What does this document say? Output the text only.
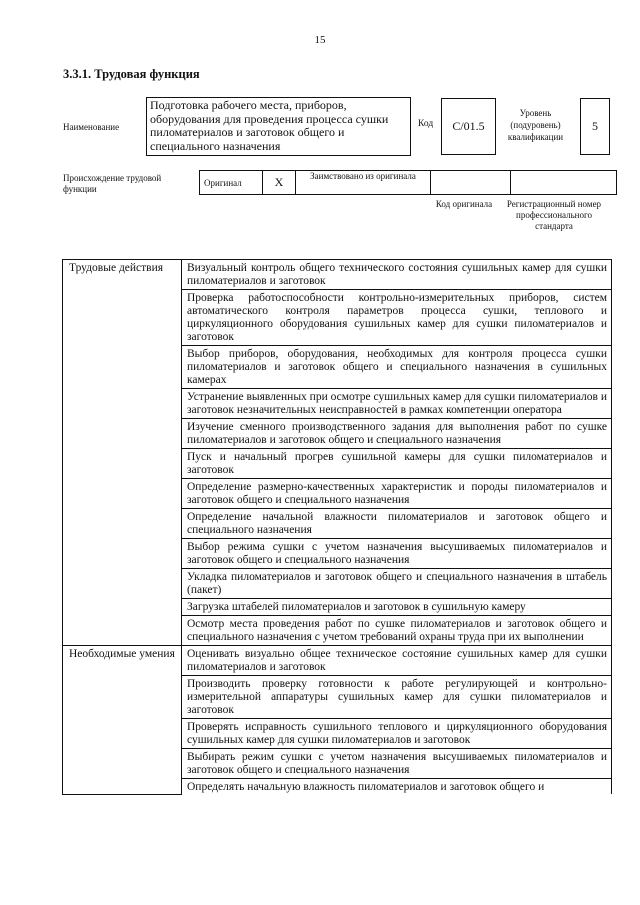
15
3.3.1. Трудовая функция
Наименование
Подготовка рабочего места, приборов, оборудования для проведения процесса сушки пиломатериалов и заготовок общего и специального назначения
Код	С/01.5
Уровень (подуровень) квалификации
5
Происхождение трудовой функции
Оригинал	X	Заимствовано из оригинала		
Код оригинала	Регистрационный номер профессионального стандарта
Трудовые действия	Визуальный контроль общего технического состояния сушильных камер для сушки пиломатериалов и заготовок
	Проверка работоспособности контрольно-измерительных приборов, систем автоматического контроля параметров процесса сушки, теплового и циркуляционного оборудования сушильных камер для сушки пиломатериалов и заготовок
	Выбор приборов, оборудования, необходимых для контроля процесса сушки пиломатериалов и заготовок общего и специального назначения в сушильных камерах
	Устранение выявленных при осмотре сушильных камер для сушки пиломатериалов и заготовок незначительных неисправностей в рамках компетенции оператора
	Изучение сменного производственного задания для выполнения работ по сушке пиломатериалов и заготовок общего и специального назначения
	Пуск и начальный прогрев сушильной камеры для сушки пиломатериалов и заготовок
	Определение размерно-качественных характеристик и породы пиломатериалов и заготовок общего и специального назначения
	Определение начальной влажности пиломатериалов и заготовок общего и специального назначения
	Выбор режима сушки с учетом назначения высушиваемых пиломатериалов и заготовок общего и специального назначения
	Укладка пиломатериалов и заготовок общего и специального назначения в штабель (пакет)
	Загрузка штабелей пиломатериалов и заготовок в сушильную камеру
	Осмотр места проведения работ по сушке пиломатериалов и заготовок общего и специального назначения с учетом требований охраны труда при их выполнении
Необходимые умения	Оценивать визуально общее техническое состояние сушильных камер для сушки пиломатериалов и заготовок
	Производить проверку готовности к работе регулирующей и контрольно-измерительной аппаратуры сушильных камер для сушки пиломатериалов и заготовок
	Проверять исправность сушильного теплового и циркуляционного оборудования сушильных камер для сушки пиломатериалов и заготовок
	Выбирать режим сушки с учетом назначения высушиваемых пиломатериалов и заготовок общего и специального назначения
	Определять начальную влажность пиломатериалов и заготовок общего и
